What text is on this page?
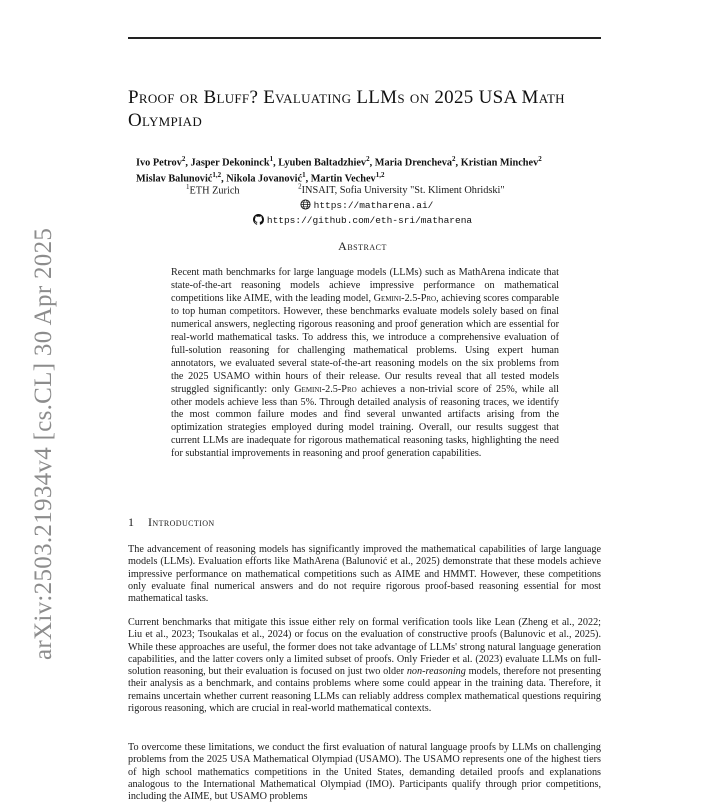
arXiv:2503.21934v4 [cs.CL] 30 Apr 2025
Proof or Bluff? Evaluating LLMs on 2025 USA Math Olympiad
Ivo Petrov$^2$, Jasper Dekoninck$^1$, Lyuben Baltadzhiev$^2$, Maria Drencheva$^2$, Kristian Minchev$^2$
Mislav Balunović$^{1,2}$, Nikola Jovanović$^1$, Martin Vechev$^{1,2}$
$^1$ETH Zurich	$^2$INSAIT, Sofia University "St. Kliment Ohridski"
https://matharena.ai/
https://github.com/eth-sri/matharena
Abstract
Recent math benchmarks for large language models (LLMs) such as MathArena indicate that state-of-the-art reasoning models achieve impressive performance on mathematical competitions like AIME, with the leading model, Gemini-2.5-Pro, achieving scores comparable to top human competitors. However, these benchmarks evaluate models solely based on final numerical answers, neglecting rigorous reasoning and proof generation which are essential for real-world mathematical tasks. To address this, we introduce a comprehensive evaluation of full-solution reasoning for challenging mathematical problems. Using expert human annotators, we evaluated several state-of-the-art reasoning models on the six problems from the 2025 USAMO within hours of their release. Our results reveal that all tested models struggled significantly: only Gemini-2.5-Pro achieves a non-trivial score of 25%, while all other models achieve less than 5%. Through detailed analysis of reasoning traces, we identify the most common failure modes and find several unwanted artifacts arising from the optimization strategies employed during model training. Overall, our results suggest that current LLMs are inadequate for rigorous mathematical reasoning tasks, highlighting the need for substantial improvements in reasoning and proof generation capabilities.
1 Introduction
The advancement of reasoning models has significantly improved the mathematical capabilities of large language models (LLMs). Evaluation efforts like MathArena (Balunović et al., 2025) demonstrate that these models achieve impressive performance on mathematical competitions such as AIME and HMMT. However, these competitions only evaluate final numerical answers and do not require rigorous proof-based reasoning essential for most mathematical tasks.
Current benchmarks that mitigate this issue either rely on formal verification tools like Lean (Zheng et al., 2022; Liu et al., 2023; Tsoukalas et al., 2024) or focus on the evaluation of constructive proofs (Balunovic et al., 2025). While these approaches are useful, the former does not take advantage of LLMs' strong natural language generation capabilities, and the latter covers only a limited subset of proofs. Only Frieder et al. (2023) evaluate LLMs on full-solution reasoning, but their evaluation is focused on just two older non-reasoning models, therefore not presenting their analysis as a benchmark, and contains problems where some could appear in the training data. Therefore, it remains uncertain whether current reasoning LLMs can reliably address complex mathematical questions requiring rigorous reasoning, which are crucial in real-world mathematical contexts.
To overcome these limitations, we conduct the first evaluation of natural language proofs by LLMs on challenging problems from the 2025 USA Mathematical Olympiad (USAMO). The USAMO represents one of the highest tiers of high school mathematics competitions in the United States, demanding detailed proofs and explanations analogous to the International Mathematical Olympiad (IMO). Participants qualify through prior competitions, including the AIME, but USAMO problems
